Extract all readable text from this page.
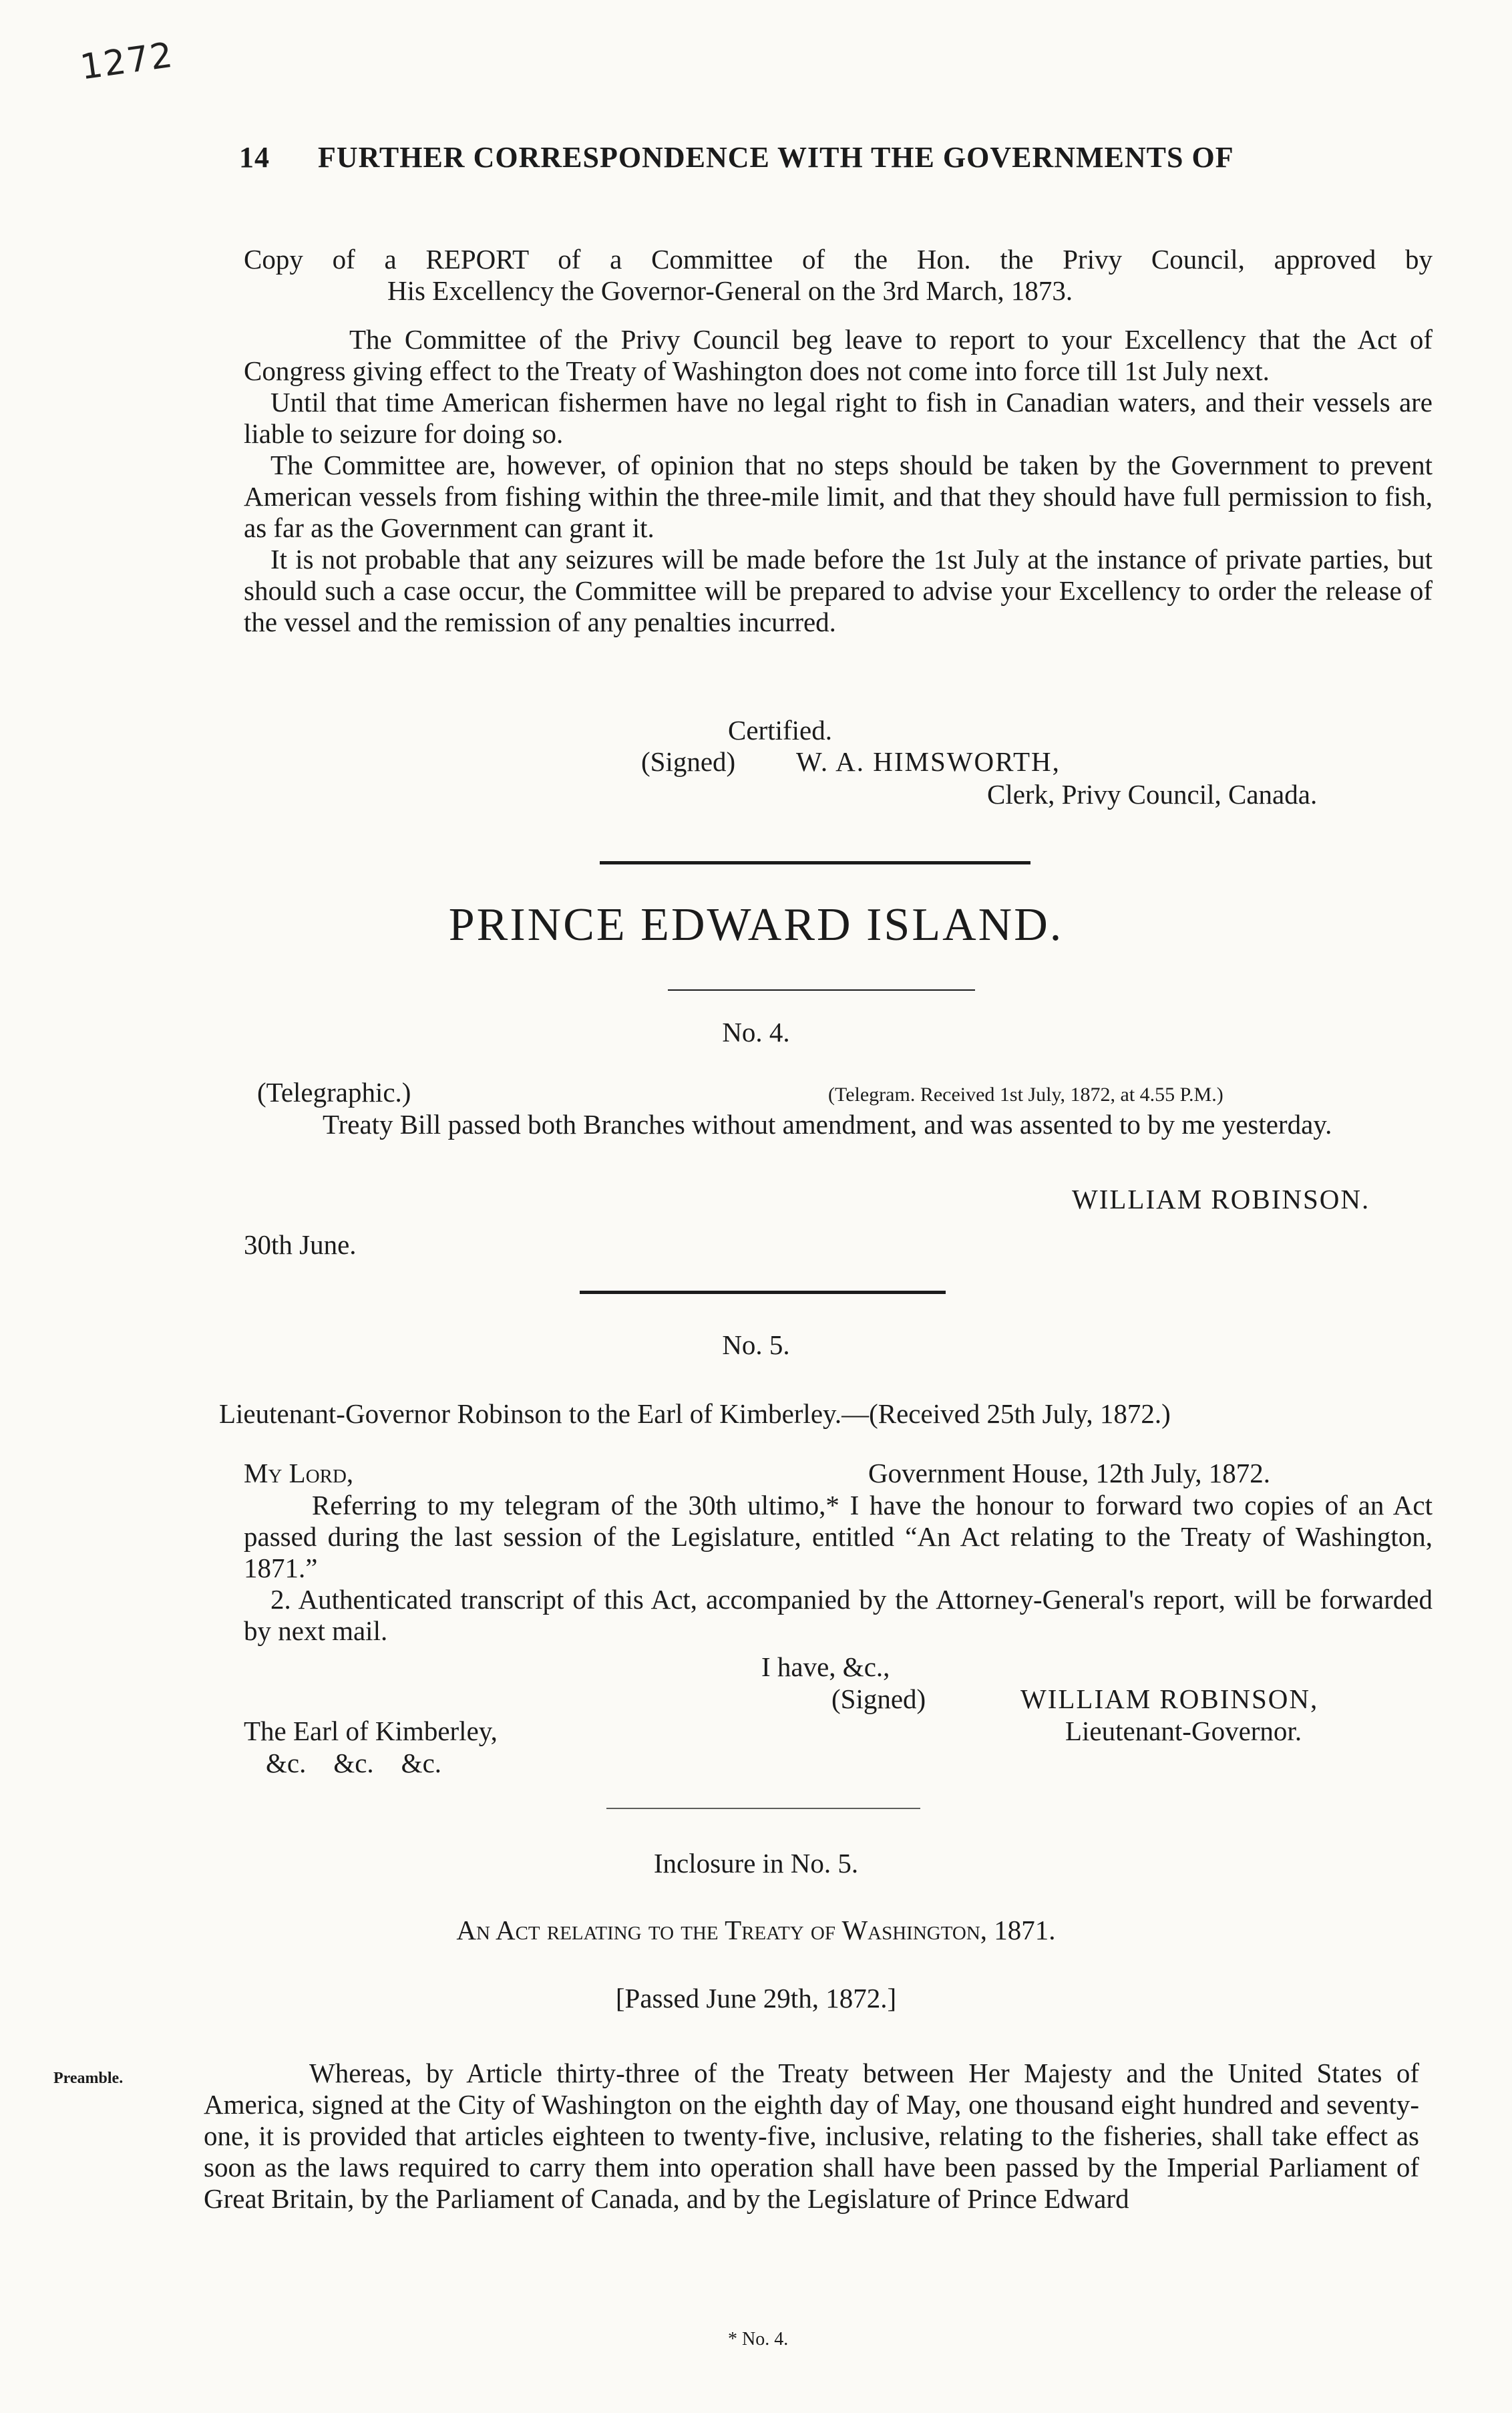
1272
14 FURTHER CORRESPONDENCE WITH THE GOVERNMENTS OF
Copy of a REPORT of a Committee of the Hon. the Privy Council, approved by
His Excellency the Governor-General on the 3rd March, 1873.
The Committee of the Privy Council beg leave to report to your Excellency that the Act of Congress giving effect to the Treaty of Washington does not come into force till 1st July next.
Until that time American fishermen have no legal right to fish in Canadian waters, and their vessels are liable to seizure for doing so.
The Committee are, however, of opinion that no steps should be taken by the Government to prevent American vessels from fishing within the three-mile limit, and that they should have full permission to fish, as far as the Government can grant it.
It is not probable that any seizures will be made before the 1st July at the instance of private parties, but should such a case occur, the Committee will be prepared to advise your Excellency to order the release of the vessel and the remission of any penalties incurred.
Certified.
(Signed) W. A. HIMSWORTH,
Clerk, Privy Council, Canada.
PRINCE EDWARD ISLAND.
No. 4.
(Telegraphic.)	(Telegram. Received 1st July, 1872, at 4.55 P.M.)
Treaty Bill passed both Branches without amendment, and was assented to by me yesterday.
WILLIAM ROBINSON.
30th June.
No. 5.
Lieutenant-Governor Robinson to the Earl of Kimberley.—(Received 25th July, 1872.)
My Lord,	Government House, 12th July, 1872.
Referring to my telegram of the 30th ultimo,* I have the honour to forward two copies of an Act passed during the last session of the Legislature, entitled “An Act relating to the Treaty of Washington, 1871.”
2. Authenticated transcript of this Act, accompanied by the Attorney-General's report, will be forwarded by next mail.
I have, &c.,
(Signed)	WILLIAM ROBINSON,
The Earl of Kimberley,	Lieutenant-Governor.
&c.    &c.    &c.
Inclosure in No. 5.
An Act relating to the Treaty of Washington, 1871.
[Passed June 29th, 1872.]
Preamble.	Whereas, by Article thirty-three of the Treaty between Her Majesty and the United States of America, signed at the City of Washington on the eighth day of May, one thousand eight hundred and seventy-one, it is provided that articles eighteen to twenty-five, inclusive, relating to the fisheries, shall take effect as soon as the laws required to carry them into operation shall have been passed by the Imperial Parliament of Great Britain, by the Parliament of Canada, and by the Legislature of Prince Edward
* No. 4.
